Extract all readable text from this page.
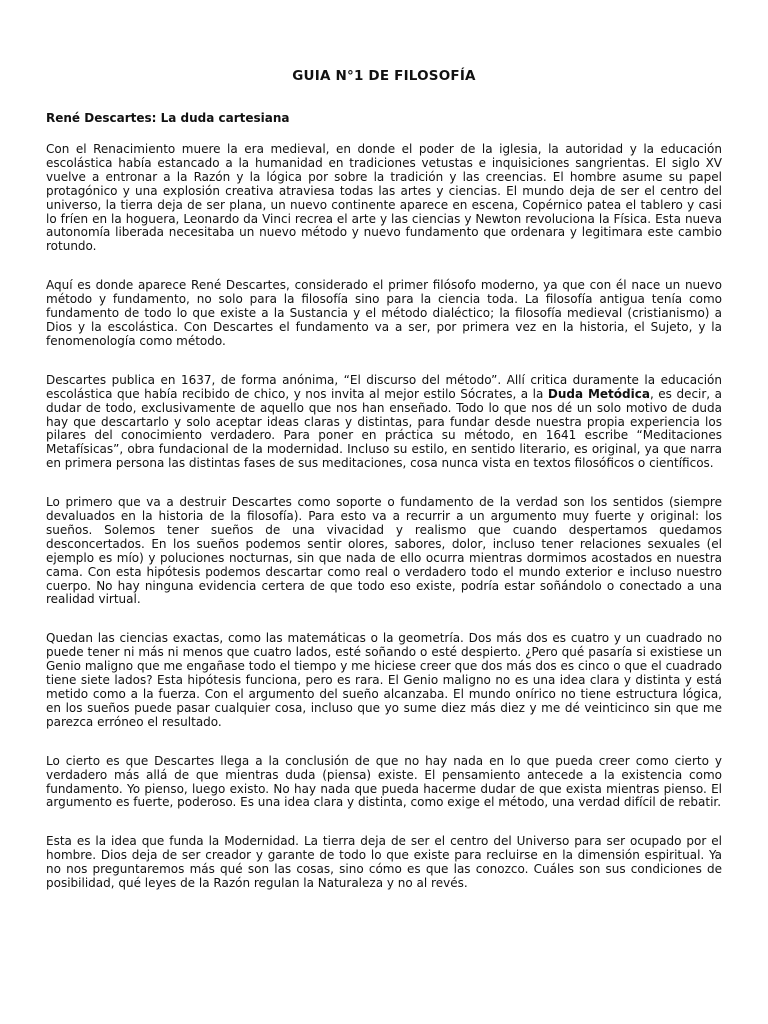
GUIA N°1 DE FILOSOFÍA
René Descartes: La duda cartesiana

Con el Renacimiento muere la era medieval, en donde el poder de la iglesia, la autoridad y la educación escolástica había estancado a la humanidad en tradiciones vetustas e inquisiciones sangrientas. El siglo XV vuelve a entronar a la Razón y la lógica por sobre la tradición y las creencias. El hombre asume su papel protagónico y una explosión creativa atraviesa todas las artes y ciencias. El mundo deja de ser el centro del universo, la tierra deja de ser plana, un nuevo continente aparece en escena, Copérnico patea el tablero y casi lo fríen en la hoguera, Leonardo da Vinci recrea el arte y las ciencias y Newton revoluciona la Física. Esta nueva autonomía liberada necesitaba un nuevo método y nuevo fundamento que ordenara y legitimara este cambio rotundo.

Aquí es donde aparece René Descartes, considerado el primer filósofo moderno, ya que con él nace un nuevo método y fundamento, no solo para la filosofía sino para la ciencia toda. La filosofía antigua tenía como fundamento de todo lo que existe a la Sustancia y el método dialéctico; la filosofía medieval (cristianismo) a Dios y la escolástica. Con Descartes el fundamento va a ser, por primera vez en la historia, el Sujeto, y la fenomenología como método.

Descartes publica en 1637, de forma anónima, “El discurso del método”. Allí critica duramente la educación escolástica que había recibido de chico, y nos invita al mejor estilo Sócrates, a la Duda Metódica, es decir, a dudar de todo, exclusivamente de aquello que nos han enseñado. Todo lo que nos dé un solo motivo de duda hay que descartarlo y solo aceptar ideas claras y distintas, para fundar desde nuestra propia experiencia los pilares del conocimiento verdadero. Para poner en práctica su método, en 1641 escribe “Meditaciones Metafísicas”, obra fundacional de la modernidad. Incluso su estilo, en sentido literario, es original, ya que narra en primera persona las distintas fases de sus meditaciones, cosa nunca vista en textos filosóficos o científicos.

Lo primero que va a destruir Descartes como soporte o fundamento de la verdad son los sentidos (siempre devaluados en la historia de la filosofía). Para esto va a recurrir a un argumento muy fuerte y original: los sueños. Solemos tener sueños de una vivacidad y realismo que cuando despertamos quedamos desconcertados. En los sueños podemos sentir olores, sabores, dolor, incluso tener relaciones sexuales (el ejemplo es mío) y poluciones nocturnas, sin que nada de ello ocurra mientras dormimos acostados en nuestra cama. Con esta hipótesis podemos descartar como real o verdadero todo el mundo exterior e incluso nuestro cuerpo. No hay ninguna evidencia certera de que todo eso existe, podría estar soñándolo o conectado a una realidad virtual.

Quedan las ciencias exactas, como las matemáticas o la geometría. Dos más dos es cuatro y un cuadrado no puede tener ni más ni menos que cuatro lados, esté soñando o esté despierto. ¿Pero qué pasaría si existiese un Genio maligno que me engañase todo el tiempo y me hiciese creer que dos más dos es cinco o que el cuadrado tiene siete lados? Esta hipótesis funciona, pero es rara. El Genio maligno no es una idea clara y distinta y está metido como a la fuerza. Con el argumento del sueño alcanzaba. El mundo onírico no tiene estructura lógica, en los sueños puede pasar cualquier cosa, incluso que yo sume diez más diez y me dé veinticinco sin que me parezca erróneo el resultado.

Lo cierto es que Descartes llega a la conclusión de que no hay nada en lo que pueda creer como cierto y verdadero más allá de que mientras duda (piensa) existe. El pensamiento antecede a la existencia como fundamento. Yo pienso, luego existo. No hay nada que pueda hacerme dudar de que exista mientras pienso. El argumento es fuerte, poderoso. Es una idea clara y distinta, como exige el método, una verdad difícil de rebatir.

Esta es la idea que funda la Modernidad. La tierra deja de ser el centro del Universo para ser ocupado por el hombre. Dios deja de ser creador y garante de todo lo que existe para recluirse en la dimensión espiritual. Ya no nos preguntaremos más qué son las cosas, sino cómo es que las conozco. Cuáles son sus condiciones de posibilidad, qué leyes de la Razón regulan la Naturaleza y no al revés.
